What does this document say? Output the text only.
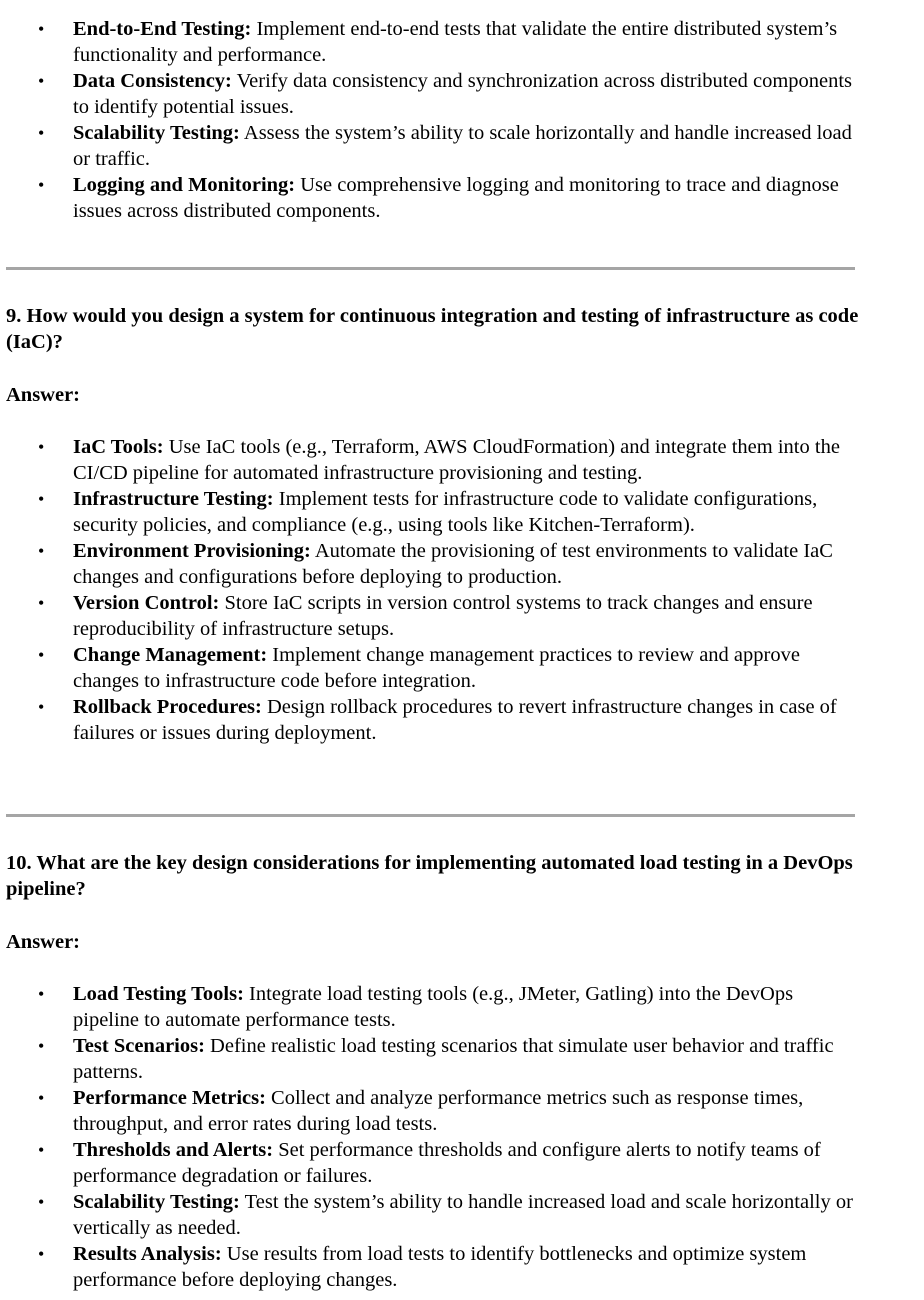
• End-to-End Testing: Implement end-to-end tests that validate the entire distributed system’s functionality and performance.
• Data Consistency: Verify data consistency and synchronization across distributed components to identify potential issues.
• Scalability Testing: Assess the system’s ability to scale horizontally and handle increased load or traffic.
• Logging and Monitoring: Use comprehensive logging and monitoring to trace and diagnose issues across distributed components.
9. How would you design a system for continuous integration and testing of infrastructure as code (IaC)?
Answer:
• IaC Tools: Use IaC tools (e.g., Terraform, AWS CloudFormation) and integrate them into the CI/CD pipeline for automated infrastructure provisioning and testing.
• Infrastructure Testing: Implement tests for infrastructure code to validate configurations, security policies, and compliance (e.g., using tools like Kitchen-Terraform).
• Environment Provisioning: Automate the provisioning of test environments to validate IaC changes and configurations before deploying to production.
• Version Control: Store IaC scripts in version control systems to track changes and ensure reproducibility of infrastructure setups.
• Change Management: Implement change management practices to review and approve changes to infrastructure code before integration.
• Rollback Procedures: Design rollback procedures to revert infrastructure changes in case of failures or issues during deployment.
10. What are the key design considerations for implementing automated load testing in a DevOps pipeline?
Answer:
• Load Testing Tools: Integrate load testing tools (e.g., JMeter, Gatling) into the DevOps pipeline to automate performance tests.
• Test Scenarios: Define realistic load testing scenarios that simulate user behavior and traffic patterns.
• Performance Metrics: Collect and analyze performance metrics such as response times, throughput, and error rates during load tests.
• Thresholds and Alerts: Set performance thresholds and configure alerts to notify teams of performance degradation or failures.
• Scalability Testing: Test the system’s ability to handle increased load and scale horizontally or vertically as needed.
• Results Analysis: Use results from load tests to identify bottlenecks and optimize system performance before deploying changes.
